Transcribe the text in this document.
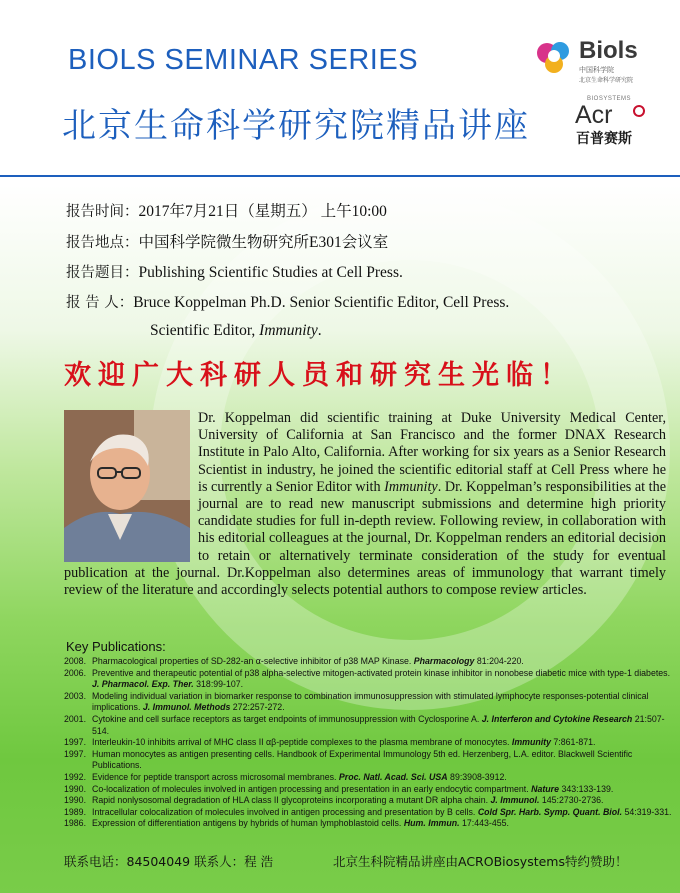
BIOLS SEMINAR SERIES
北京生命科学研究院精品讲座
Biols
中国科学院
北京生命科学研究院
BIOSYSTEMS
Acr
百普赛斯
报告时间：2017年7月21日（星期五） 上午10:00
报告地点：中国科学院微生物研究所E301会议室
报告题目：Publishing Scientific Studies at Cell Press.
报 告 人：Bruce Koppelman Ph.D. Senior Scientific Editor, Cell Press.
Scientific Editor, Immunity.
欢迎广大科研人员和研究生光临！
Dr. Koppelman did scientific training at Duke University Medical Center, University of California at San Francisco and the former DNAX Research Institute in Palo Alto, California. After working for six years as a Senior Research Scientist in industry, he joined the scientific editorial staff at Cell Press where he is currently a Senior Editor with Immunity. Dr. Koppelman’s responsibilities at the journal are to read new manuscript submissions and determine high priority candidate studies for full in-depth review. Following review, in collaboration with his editorial colleagues at the journal, Dr. Koppelman renders an editorial decision to retain or alternatively terminate consideration of the study for eventual publication at the journal. Dr.Koppelman also determines areas of immunology that warrant timely review of the literature and accordingly selects potential authors to compose review articles.
Key Publications:
2008. Pharmacological properties of SD-282-an α-selective inhibitor of p38 MAP Kinase. Pharmacology 81:204-220.
2006. Preventive and therapeutic potential of p38 alpha-selective mitogen-activated protein kinase inhibitor in nonobese diabetic mice with type-1 diabetes. J. Pharmacol. Exp. Ther. 318:99-107.
2003. Modeling individual variation in biomarker response to combination immunosuppression with stimulated lymphocyte responses-potential clinical implications. J. Immunol. Methods 272:257-272.
2001. Cytokine and cell surface receptors as target endpoints of immunosuppression with Cyclosporine A. J. Interferon and Cytokine Research 21:507-514.
1997. Interleukin-10 inhibits arrival of MHC class II αβ-peptide complexes to the plasma membrane of monocytes. Immunity 7:861-871.
1997. Human monocytes as antigen presenting cells. Handbook of Experimental Immunology 5th ed. Herzenberg, L.A. editor. Blackwell Scientific Publications.
1992. Evidence for peptide transport across microsomal membranes. Proc. Natl. Acad. Sci. USA 89:3908-3912.
1990. Co-localization of molecules involved in antigen processing and presentation in an early endocytic compartment. Nature 343:133-139.
1990. Rapid nonlysosomal degradation of HLA class II glycoproteins incorporating a mutant DR alpha chain. J. Immunol. 145:2730-2736.
1989. Intracellular colocalization of molecules involved in antigen processing and presentation by B cells. Cold Spr. Harb. Symp. Quant. Biol. 54:319-331.
1986. Expression of differentiation antigens by hybrids of human lymphoblastoid cells. Hum. Immun. 17:443-455.
联系电话：84504049 联系人：程 浩	北京生科院精品讲座由ACROBiosystems特约赞助！
